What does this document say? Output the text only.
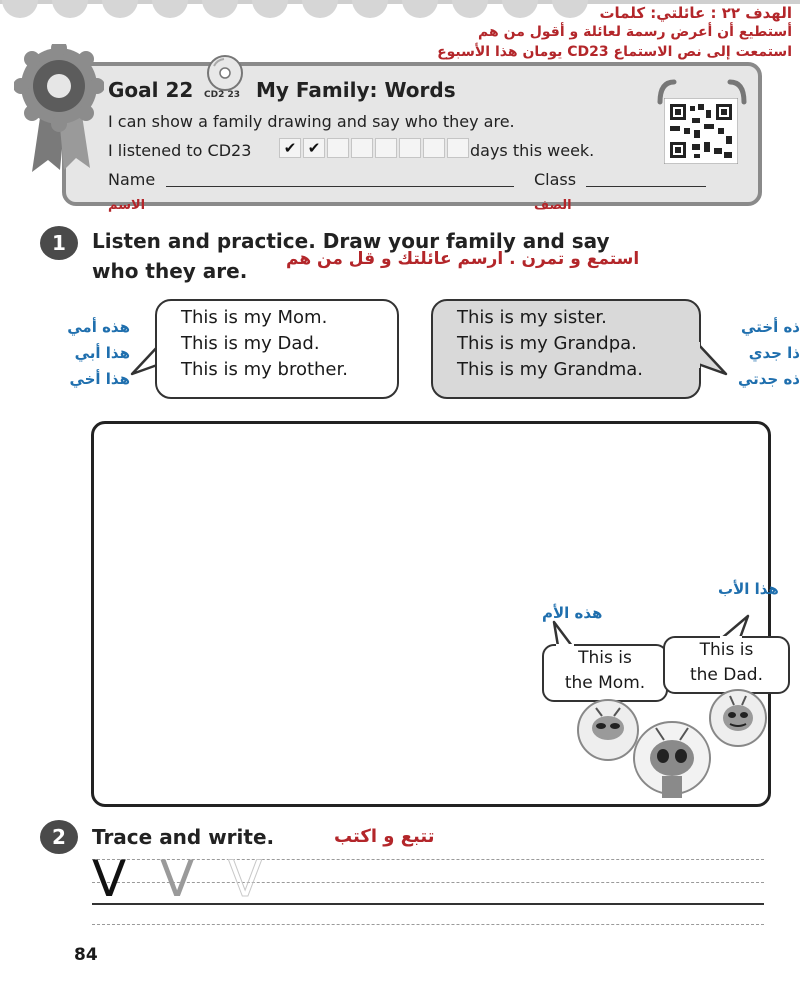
الهدف ٢٢ : عائلتي: كلمات
أستطيع أن أعرض رسمة لعائلة و أقول من هم
استمعت إلى نص الاستماع CD23 يومان هذا الأسبوع
Goal 22 CD2 23 My Family: Words
I can show a family drawing and say who they are.
I listened to CD23	✔ ✔	days this week.
Name	Class
الاسم	الصف
1	Listen and practice. Draw your family and say
who they are. استمع و تمرن . ارسم عائلتك و قل من هم
This is my Mom.
This is my Dad.
This is my brother.
هذه أمي
هذا أبي
هذا أخي
This is my sister.
This is my Grandpa.
This is my Grandma.
ذه أختي
ذا جدي
ذه جدتي
هذه الأم
هذا الأب
This is
the Mom.
This is
the Dad.
2	Trace and write.	تتبع و اكتب
V V V
84
